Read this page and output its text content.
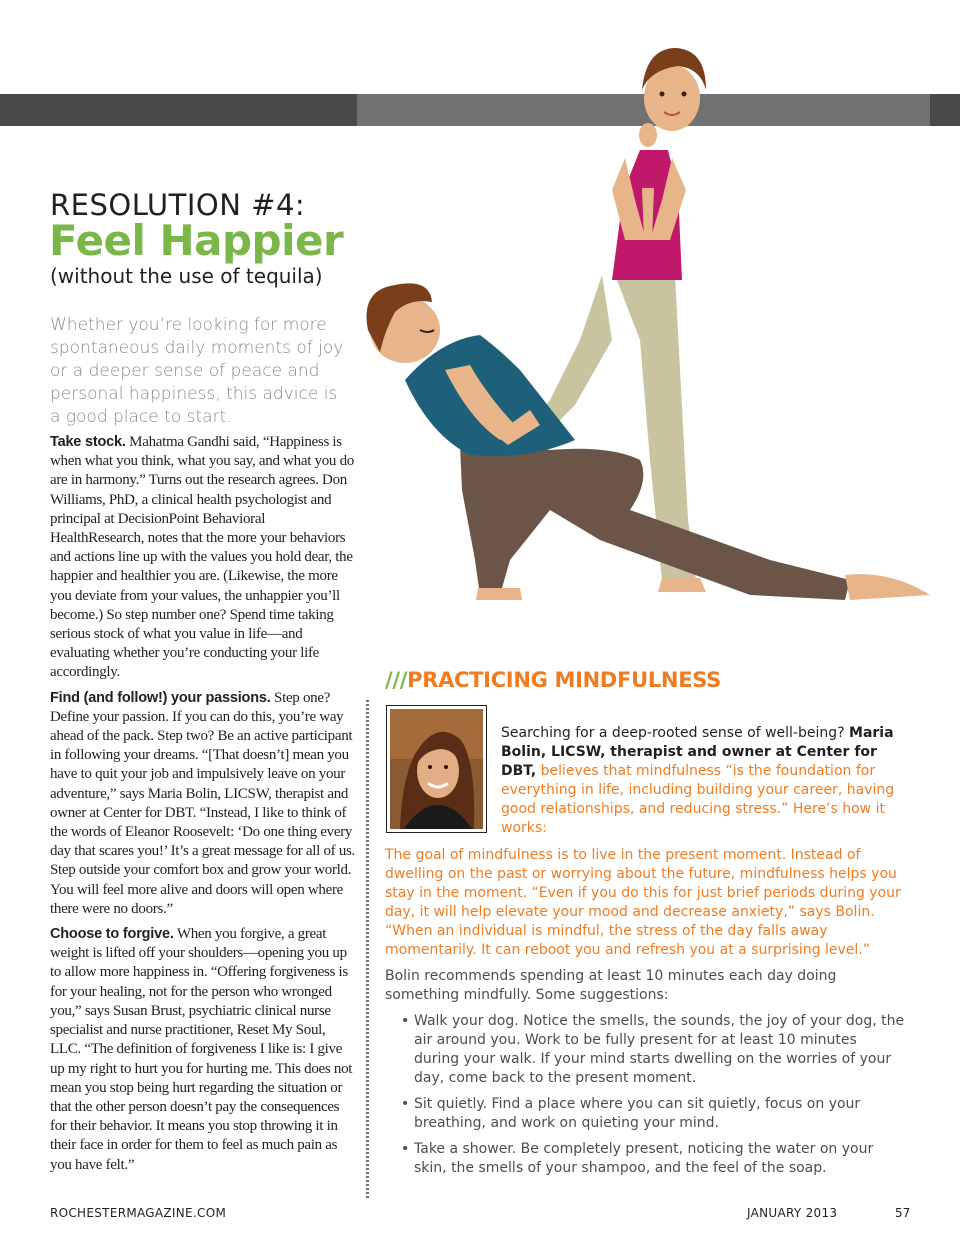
RESOLUTION #4:
Feel Happier
(without the use of tequila)
Whether you’re looking for more spontaneous daily moments of joy or a deeper sense of peace and personal happiness, this advice is a good place to start.

Take stock. Mahatma Gandhi said, “Happiness is when what you think, what you say, and what you do are in harmony.” Turns out the research agrees. Don Williams, PhD, a clinical health psychologist and principal at DecisionPoint Behavioral HealthResearch, notes that the more your behaviors and actions line up with the values you hold dear, the happier and healthier you are. (Likewise, the more you deviate from your values, the unhappier you’ll become.) So step number one? Spend time taking serious stock of what you value in life—and evaluating whether you’re conducting your life accordingly.

Find (and follow!) your passions. Step one? Define your passion. If you can do this, you’re way ahead of the pack. Step two? Be an active participant in following your dreams. “[That doesn’t] mean you have to quit your job and impulsively leave on your adventure,” says Maria Bolin, LICSW, therapist and owner at Center for DBT. “Instead, I like to think of the words of Eleanor Roosevelt: ‘Do one thing every day that scares you!’ It’s a great message for all of us. Step outside your comfort box and grow your world. You will feel more alive and doors will open where there were no doors.”

Choose to forgive. When you forgive, a great weight is lifted off your shoulders—opening you up to allow more happiness in. “Offering forgiveness is for your healing, not for the person who wronged you,” says Susan Brust, psychiatric clinical nurse specialist and nurse practitioner, Reset My Soul, LLC. “The definition of forgiveness I like is: I give up my right to hurt you for hurting me. This does not mean you stop being hurt regarding the situation or that the other person doesn’t pay the consequences for their behavior. It means you stop throwing it in their face in order for them to feel as much pain as you have felt.”

///PRACTICING MINDFULNESS
Searching for a deep-rooted sense of well-being? Maria Bolin, LICSW, therapist and owner at Center for DBT, believes that mindfulness “is the foundation for everything in life, including building your career, having good relationships, and reducing stress.” Here’s how it works:

The goal of mindfulness is to live in the present moment. Instead of dwelling on the past or worrying about the future, mindfulness helps you stay in the moment. “Even if you do this for just brief periods during your day, it will help elevate your mood and decrease anxiety,” says Bolin. “When an individual is mindful, the stress of the day falls away momentarily. It can reboot you and refresh you at a surprising level.”

Bolin recommends spending at least 10 minutes each day doing something mindfully. Some suggestions:

• Walk your dog. Notice the smells, the sounds, the joy of your dog, the air around you. Work to be fully present for at least 10 minutes during your walk. If your mind starts dwelling on the worries of your day, come back to the present moment.
• Sit quietly. Find a place where you can sit quietly, focus on your breathing, and work on quieting your mind.
• Take a shower. Be completely present, noticing the water on your skin, the smells of your shampoo, and the feel of the soap.
ROCHESTERMAGAZINE.COM	JANUARY 2013	57
